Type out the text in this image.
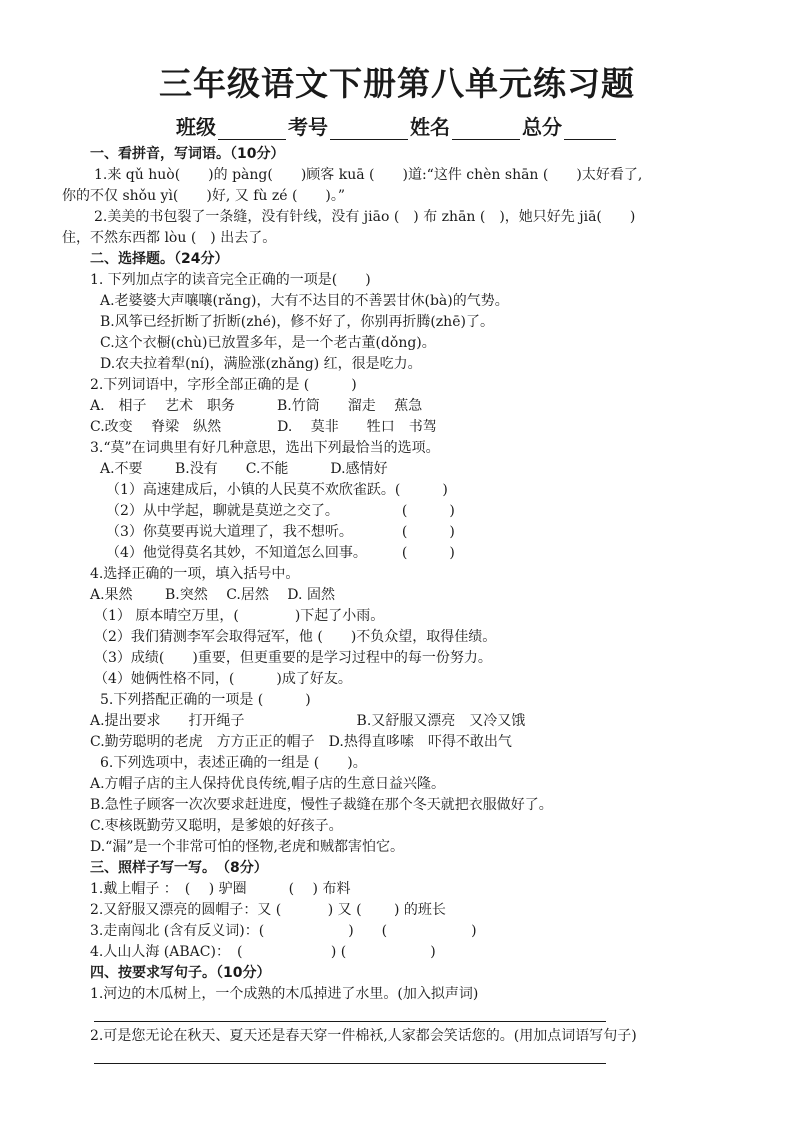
三年级语文下册第八单元练习题
班级	考号	姓名	总分
一、看拼音，写词语。（10分）
1.来 qǔ huò(　　)的 pàng(　　)顾客 kuā (　　)道:“这件 chèn shān (　　)太好看了,
你的不仅 shǒu yì(　　)好, 又 fù zé (　　)。”
2.美美的书包裂了一条缝，没有针线，没有 jiāo (　) 布 zhān (　)，她只好先 jiā(　　)
住，不然东西都 lòu (　) 出去了。
二、选择题。（24分）
1. 下列加点字的读音完全正确的一项是(　　)
A.老婆婆大声嚷嚷(rǎng)，大有不达目的不善罢甘休(bà)的气势。
B.风筝已经折断了折断(zhé)，修不好了，你别再折腾(zhē)了。
C.这个衣橱(chù)已放置多年，是一个老古董(dǒng)。
D.农夫拉着犁(ní)，满脸涨(zhǎng) 红，很是吃力。
2.下列词语中，字形全部正确的是 (　　　)
A.　相子　 艺术　职务　　　B.竹筒　　溜走　 蕉急
C.改变　 脊梁　纵然　　　　D.　 莫非　　牲口　书驾
3.“莫”在词典里有好几种意思，选出下列最恰当的选项。
A.不要　　 B.没有　　C.不能　　　D.感情好
（1）高速建成后，小镇的人民莫不欢欣雀跃。(　　　)
（2）从中学起，聊就是莫逆之交了。　　　　　(　　　)
（3）你莫要再说大道理了，我不想听。　　　　(　　　)
（4）他觉得莫名其妙，不知道怎么回事。　　　(　　　)
4.选择正确的一项，填入括号中。
A.果然　　 B.突然　 C.居然　 D. 固然
（1） 原本晴空万里，(　　　　)下起了小雨。
（2）我们猜测李军会取得冠军，他 (　　)不负众望，取得佳绩。
（3）成绩(　　)重要，但更重要的是学习过程中的每一份努力。
（4）她俩性格不同，(　　　)成了好友。
5.下列搭配正确的一项是 (　　　)
A.提出要求　　打开绳子　　　　　　　　B.又舒服又漂亮　又冷又饿
C.勤劳聪明的老虎　方方正正的帽子　D.热得直哆嗦　吓得不敢出气
6.下列选项中，表述正确的一组是 (　　)。
A.方帽子店的主人保持优良传统,帽子店的生意日益兴隆。
B.急性子顾客一次次要求赶进度，慢性子裁缝在那个冬天就把衣服做好了。
C.枣核既勤劳又聪明，是爹娘的好孩子。
D.“漏”是一个非常可怕的怪物,老虎和贼都害怕它。
三、照样子写一写。　（8分）
1.戴上帽子 ：　(　 ) 驴圈　　　(　 ) 布料
2.又舒服又漂亮的圆帽子：又 (　　　 ) 又 (　　 ) 的班长
3.走南闯北 (含有反义词)：(　　　　　　)　　(　　　　　　)
4.人山人海 (ABAC)：　(　　　　　　 ) (　　　　　　)
四、按要求写句子。（10分）
1.河边的木瓜树上，一个成熟的木瓜掉进了水里。(加入拟声词)
2.可是您无论在秋天、夏天还是春天穿一件棉袄,人家都会笑话您的。(用加点词语写句子)
